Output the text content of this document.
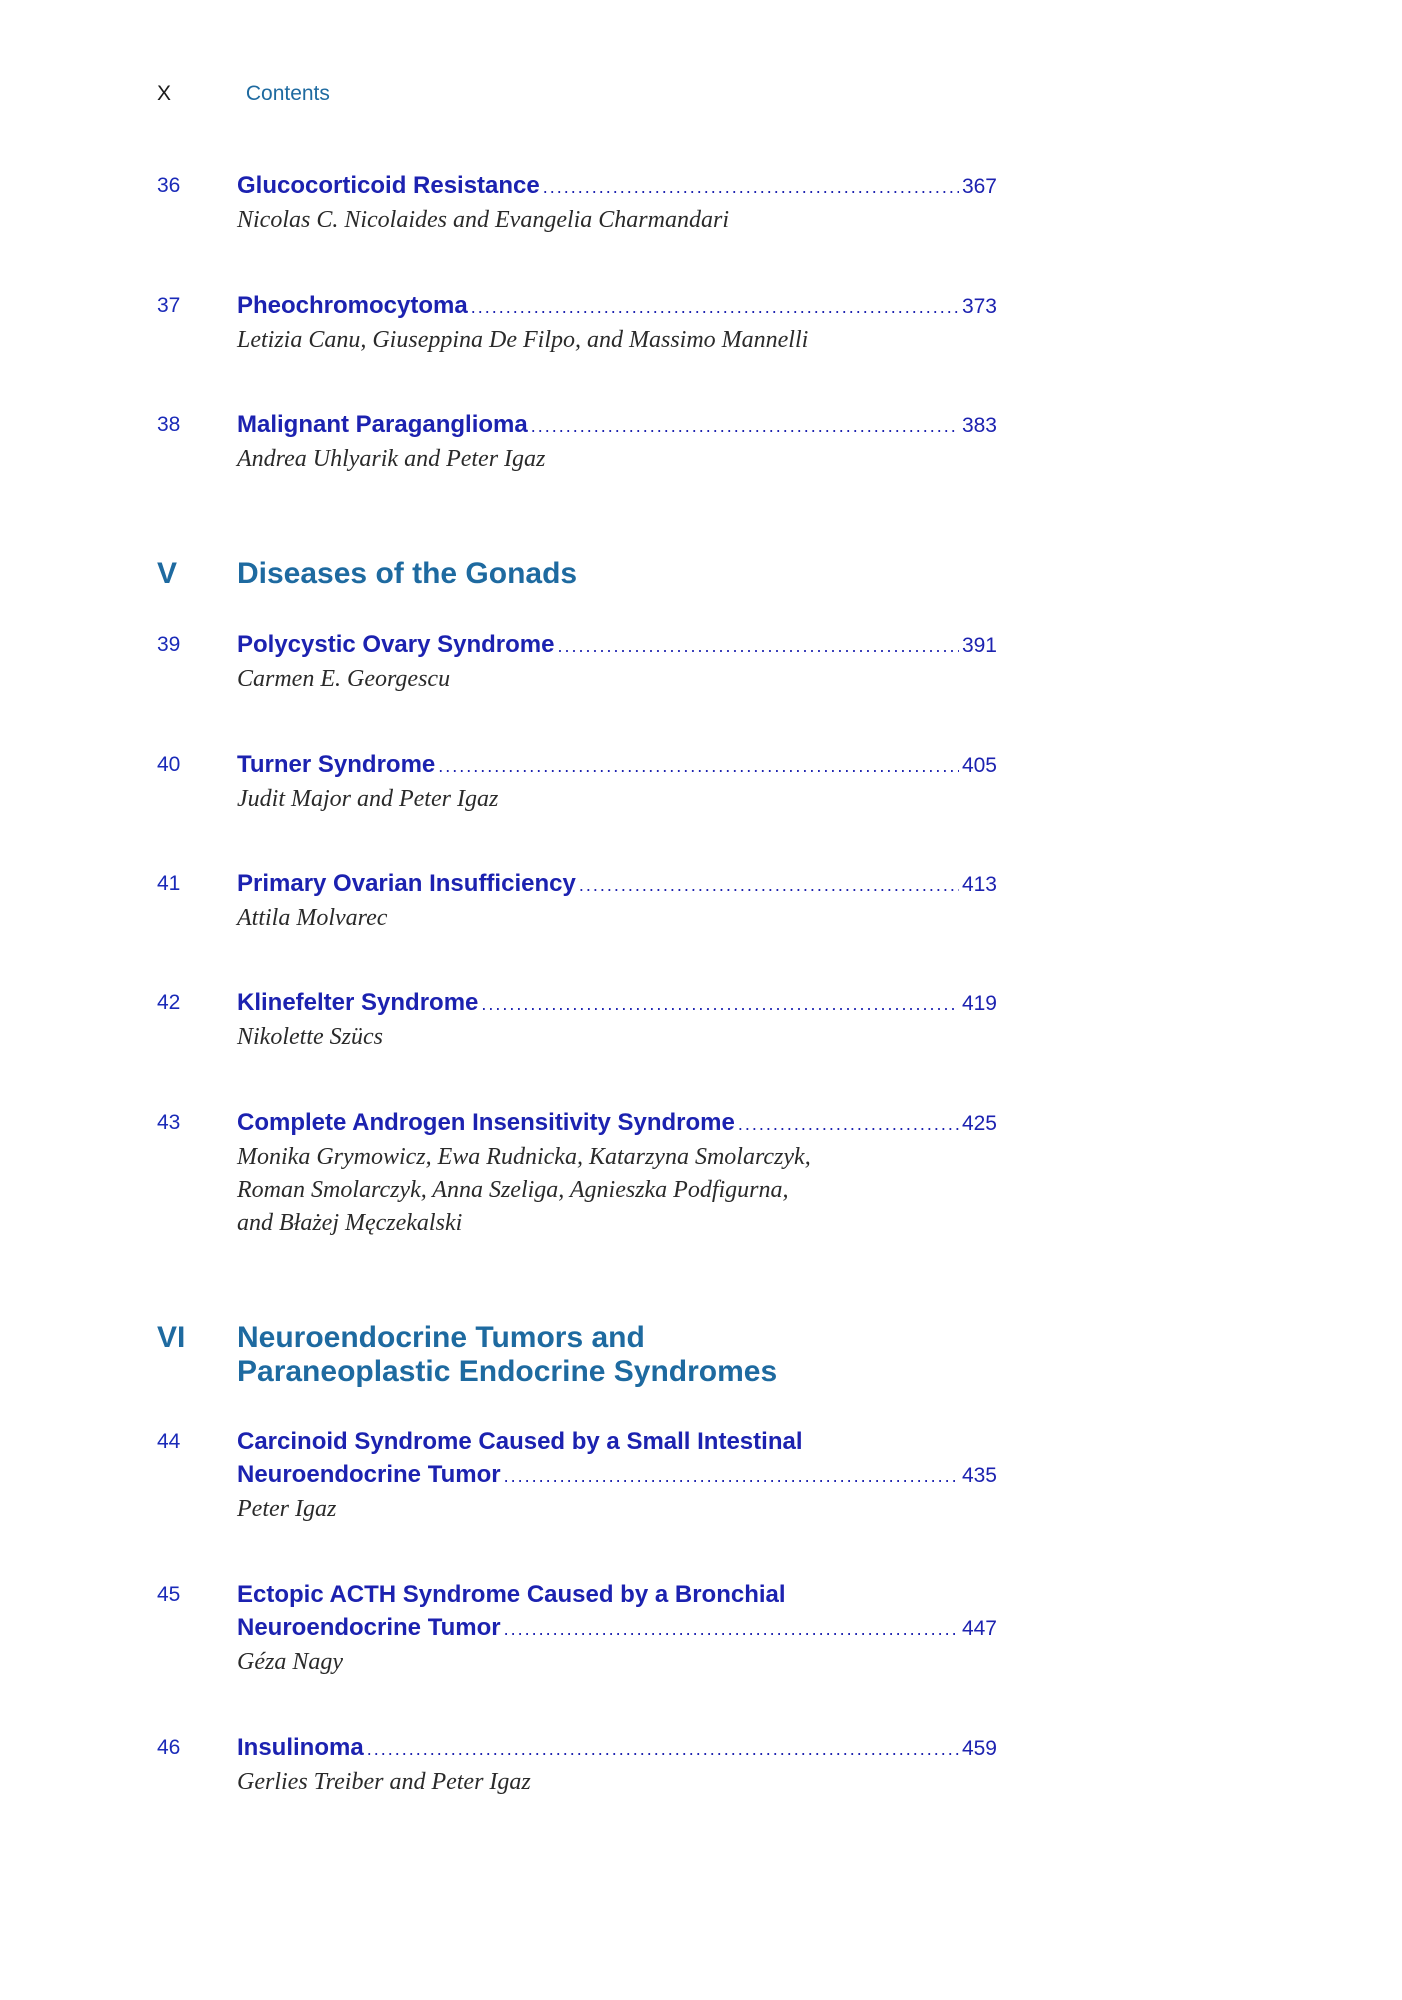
X	Contents
36 Glucocorticoid Resistance .....	367
Nicolas C. Nicolaides and Evangelia Charmandari
37 Pheochromocytoma .....	373
Letizia Canu, Giuseppina De Filpo, and Massimo Mannelli
38 Malignant Paraganglioma .....	383
Andrea Uhlyarik and Peter Igaz
V Diseases of the Gonads
39 Polycystic Ovary Syndrome .....	391
Carmen E. Georgescu
40 Turner Syndrome .....	405
Judit Major and Peter Igaz
41 Primary Ovarian Insufficiency .....	413
Attila Molvarec
42 Klinefelter Syndrome .....	419
Nikolette Szücs
43 Complete Androgen Insensitivity Syndrome .....	425
Monika Grymowicz, Ewa Rudnicka, Katarzyna Smolarczyk,
Roman Smolarczyk, Anna Szeliga, Agnieszka Podfigurna,
and Błażej Męczekalski
VI Neuroendocrine Tumors and
Paraneoplastic Endocrine Syndromes
44 Carcinoid Syndrome Caused by a Small Intestinal
Neuroendocrine Tumor .....	435
Peter Igaz
45 Ectopic ACTH Syndrome Caused by a Bronchial
Neuroendocrine Tumor .....	447
Géza Nagy
46 Insulinoma .....	459
Gerlies Treiber and Peter Igaz
